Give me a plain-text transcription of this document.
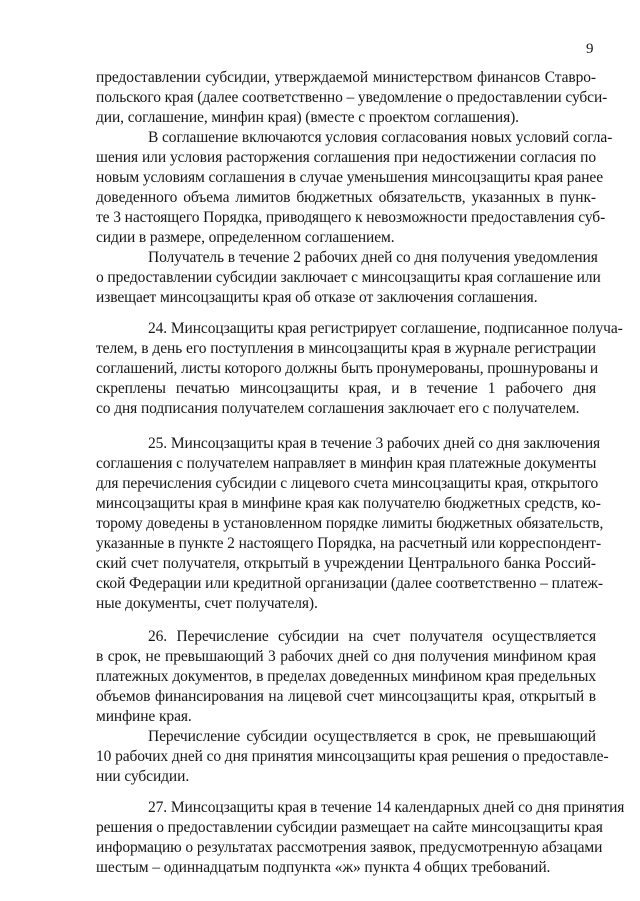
9
предоставлении субсидии, утверждаемой министерством финансов Ставро-
польского края (далее соответственно – уведомление о предоставлении субси-
дии, соглашение, минфин края) (вместе с проектом соглашения).
В соглашение включаются условия согласования новых условий согла-
шения или условия расторжения соглашения при недостижении согласия по
новым условиям соглашения в случае уменьшения минсоцзащиты края ранее
доведенного объема лимитов бюджетных обязательств, указанных в пунк-
те 3 настоящего Порядка, приводящего к невозможности предоставления суб-
сидии в размере, определенном соглашением.
Получатель в течение 2 рабочих дней со дня получения уведомления
о предоставлении субсидии заключает с минсоцзащиты края соглашение или
извещает минсоцзащиты края об отказе от заключения соглашения.
24. Минсоцзащиты края регистрирует соглашение, подписанное получа-
телем, в день его поступления в минсоцзащиты края в журнале регистрации
соглашений, листы которого должны быть пронумерованы, прошнурованы и
скреплены печатью минсоцзащиты края, и в течение 1 рабочего дня
со дня подписания получателем соглашения заключает его с получателем.
25. Минсоцзащиты края в течение 3 рабочих дней со дня заключения
соглашения с получателем направляет в минфин края платежные документы
для перечисления субсидии с лицевого счета минсоцзащиты края, открытого
минсоцзащиты края в минфине края как получателю бюджетных средств, ко-
торому доведены в установленном порядке лимиты бюджетных обязательств,
указанные в пункте 2 настоящего Порядка, на расчетный или корреспондент-
ский счет получателя, открытый в учреждении Центрального банка Россий-
ской Федерации или кредитной организации (далее соответственно – платеж-
ные документы, счет получателя).
26. Перечисление субсидии на счет получателя осуществляется
в срок, не превышающий 3 рабочих дней со дня получения минфином края
платежных документов, в пределах доведенных минфином края предельных
объемов финансирования на лицевой счет минсоцзащиты края, открытый в
минфине края.
Перечисление субсидии осуществляется в срок, не превышающий
10 рабочих дней со дня принятия минсоцзащиты края решения о предоставле-
нии субсидии.
27. Минсоцзащиты края в течение 14 календарных дней со дня принятия
решения о предоставлении субсидии размещает на сайте минсоцзащиты края
информацию о результатах рассмотрения заявок, предусмотренную абзацами
шестым – одиннадцатым подпункта «ж» пункта 4 общих требований.
